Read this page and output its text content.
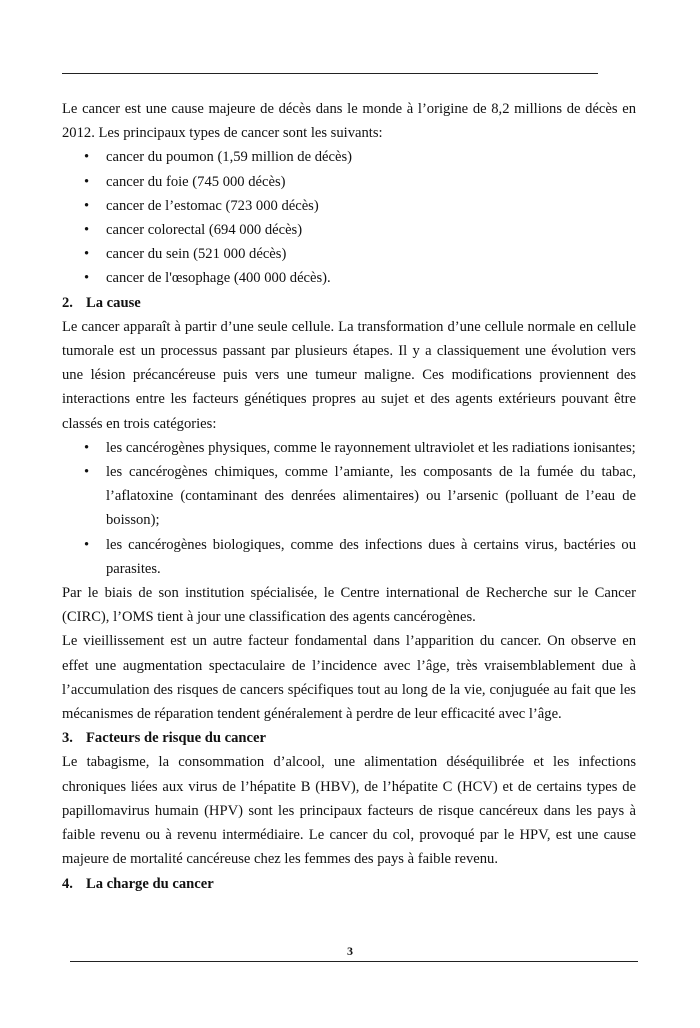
Le cancer est une cause majeure de décès dans le monde à l’origine de 8,2 millions de décès en 2012. Les principaux types de cancer sont les suivants:

• cancer du poumon (1,59 million de décès)
• cancer du foie (745 000 décès)
• cancer de l’estomac (723 000 décès)
• cancer colorectal (694 000 décès)
• cancer du sein (521 000 décès)
• cancer de l'œsophage (400 000 décès).
2. La cause

Le cancer apparaît à partir d’une seule cellule. La transformation d’une cellule normale en cellule tumorale est un processus passant par plusieurs étapes. Il y a classiquement une évolution vers une lésion précancéreuse puis vers une tumeur maligne. Ces modifications proviennent des interactions entre les facteurs génétiques propres au sujet et des agents extérieurs pouvant être classés en trois catégories:

• les cancérogènes physiques, comme le rayonnement ultraviolet et les radiations ionisantes;
• les cancérogènes chimiques, comme l’amiante, les composants de la fumée du tabac, l’aflatoxine (contaminant des denrées alimentaires) ou l’arsenic (polluant de l’eau de boisson);
• les cancérogènes biologiques, comme des infections dues à certains virus, bactéries ou parasites.

Par le biais de son institution spécialisée, le Centre international de Recherche sur le Cancer (CIRC), l’OMS tient à jour une classification des agents cancérogènes.

Le vieillissement est un autre facteur fondamental dans l’apparition du cancer. On observe en effet une augmentation spectaculaire de l’incidence avec l’âge, très vraisemblablement due à l’accumulation des risques de cancers spécifiques tout au long de la vie, conjuguée au fait que les mécanismes de réparation tendent généralement à perdre de leur efficacité avec l’âge.

3. Facteurs de risque du cancer

Le tabagisme, la consommation d’alcool, une alimentation déséquilibrée et les infections chroniques liées aux virus de l’hépatite B (HBV), de l’hépatite C (HCV) et de certains types de papillomavirus humain (HPV) sont les principaux facteurs de risque cancéreux dans les pays à faible revenu ou à revenu intermédiaire. Le cancer du col, provoqué par le HPV, est une cause majeure de mortalité cancéreuse chez les femmes des pays à faible revenu.

4. La charge du cancer
3
